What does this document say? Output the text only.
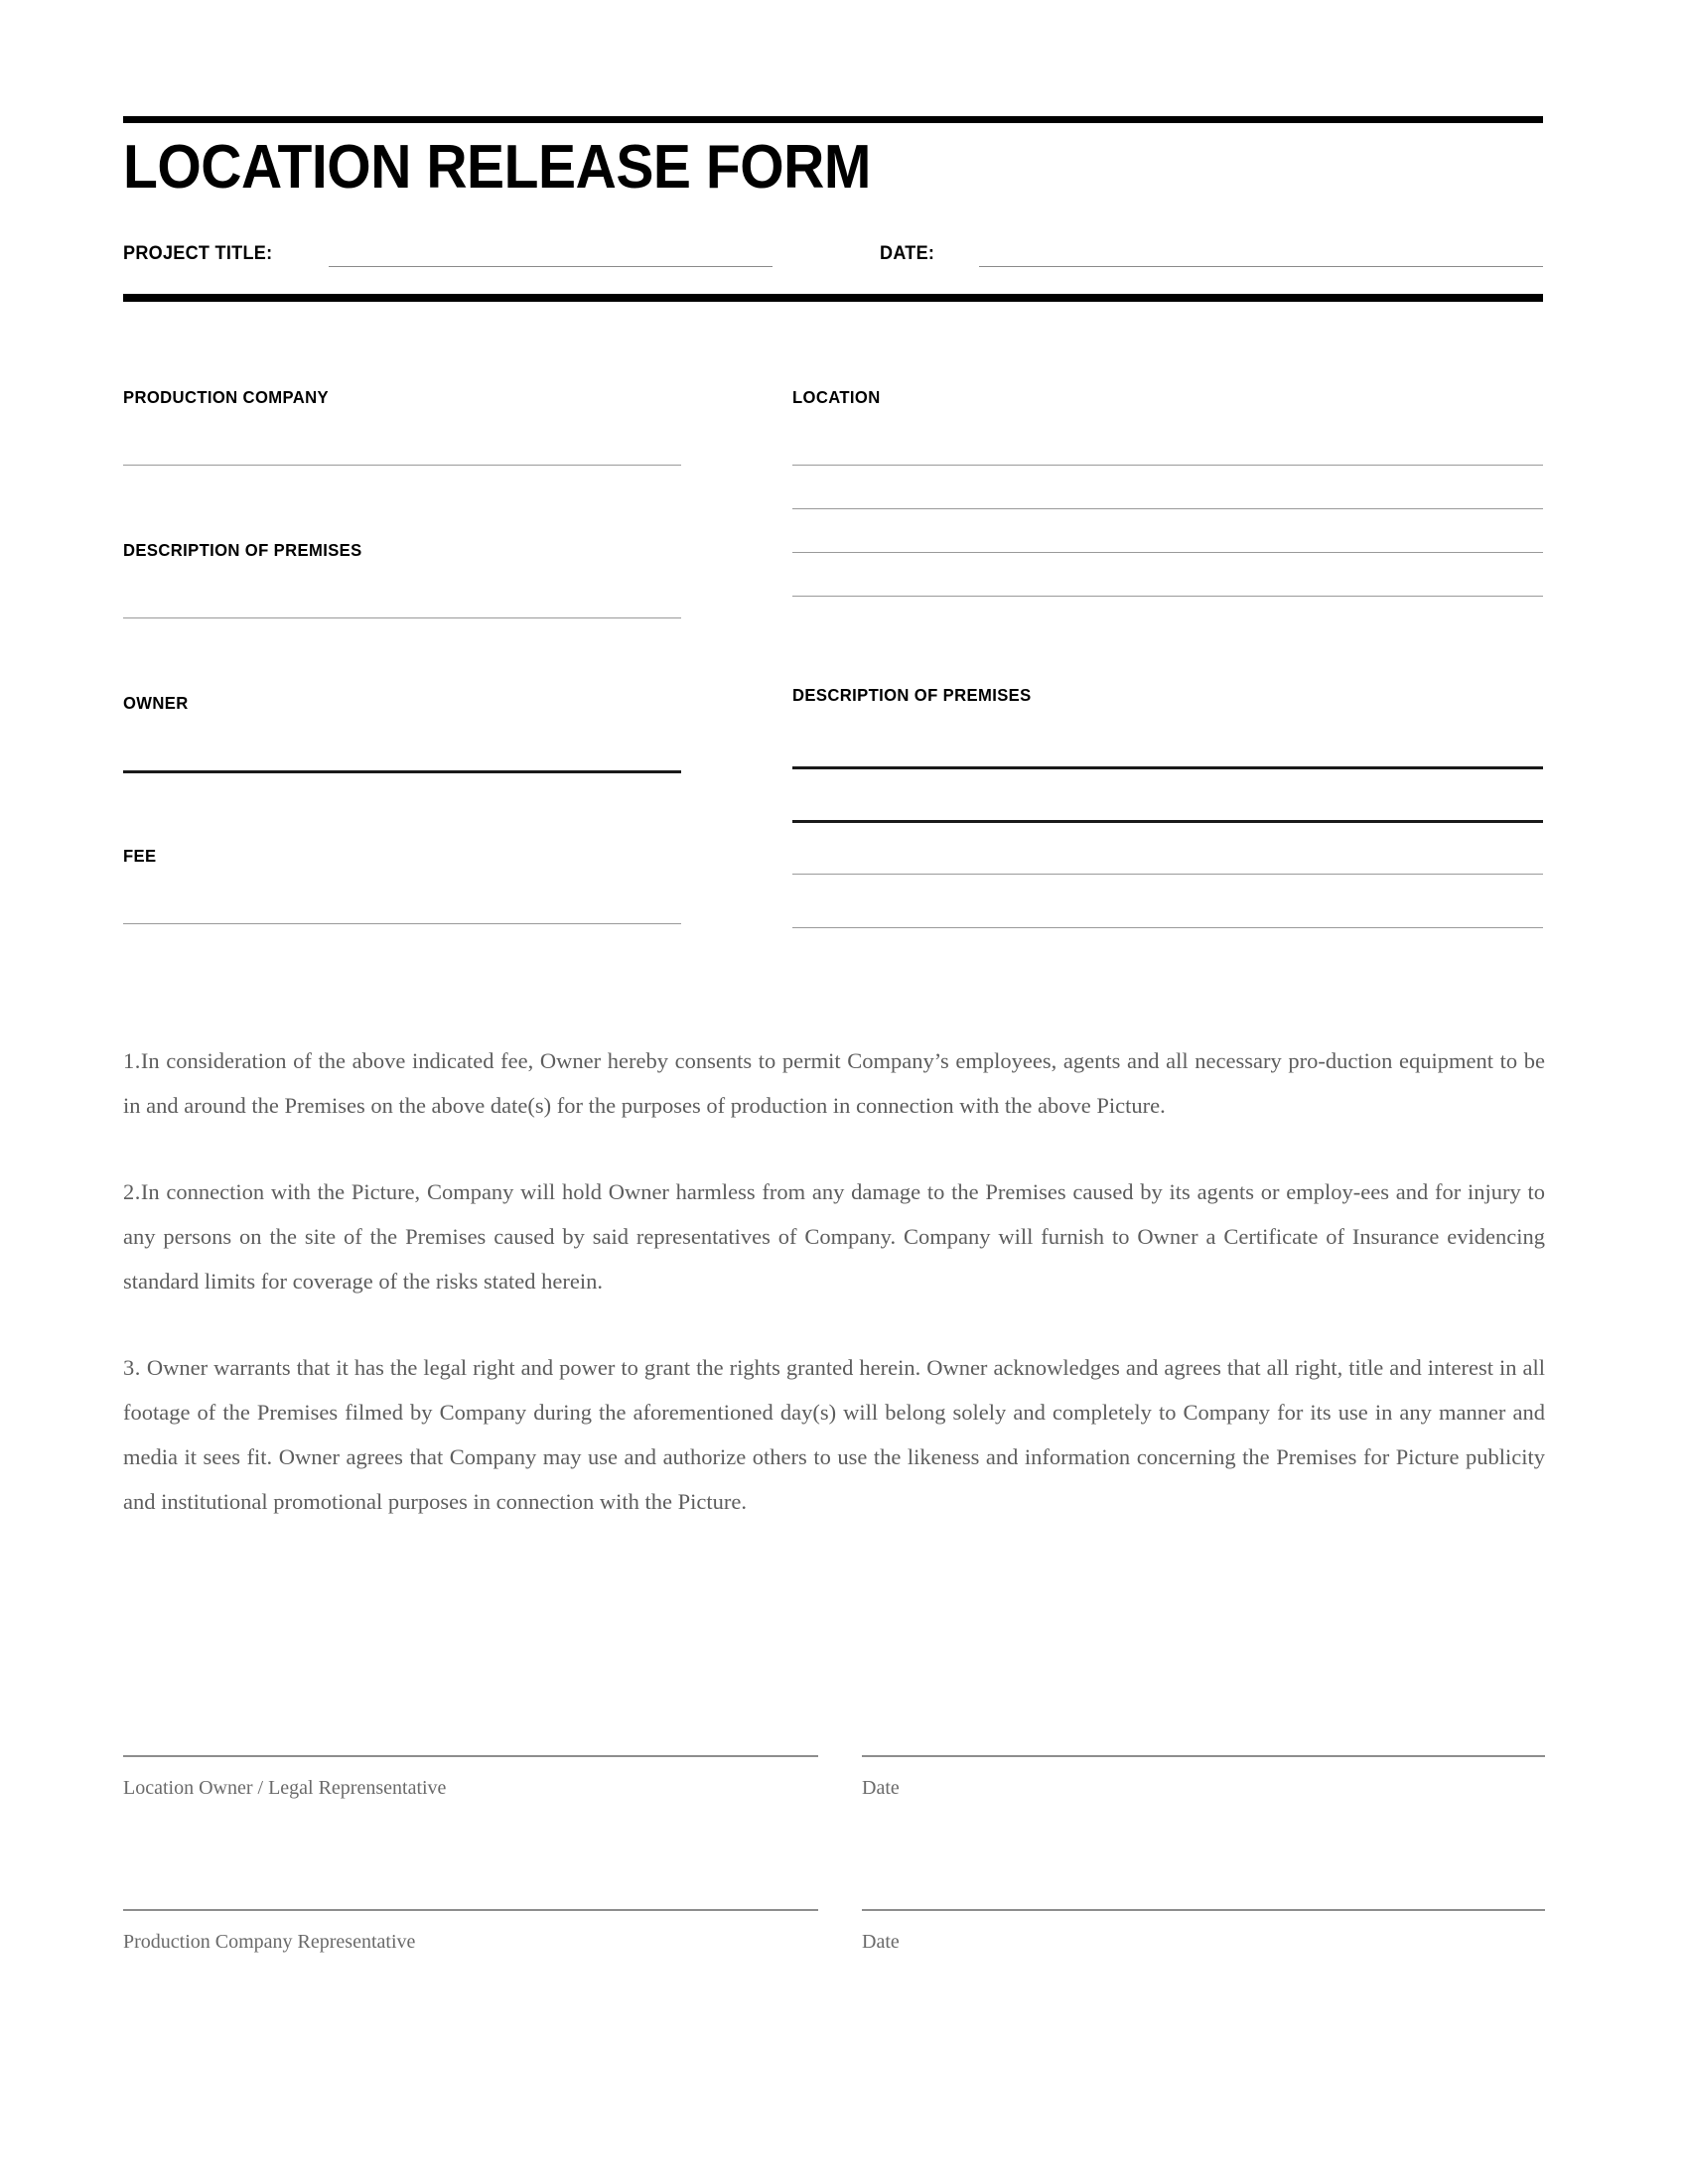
LOCATION RELEASE FORM
PROJECT TITLE:	DATE:
PRODUCTION COMPANY
DESCRIPTION OF PREMISES
OWNER
FEE
LOCATION
DESCRIPTION OF PREMISES

1.In consideration of the above indicated fee, Owner hereby consents to permit Company’s employees, agents and all necessary pro-duction equipment to be in and around the Premises on the above date(s) for the purposes of production in connection with the above Picture.

2.In connection with the Picture, Company will hold Owner harmless from any damage to the Premises caused by its agents or employ-ees and for injury to any persons on the site of the Premises caused by said representatives of Company. Company will furnish to Owner a Certificate of Insurance evidencing standard limits for coverage of the risks stated herein.

3. Owner warrants that it has the legal right and power to grant the rights granted herein. Owner acknowledges and agrees that all right, title and interest in all footage of the Premises filmed by Company during the aforementioned day(s) will belong solely and completely to Company for its use in any manner and media it sees fit. Owner agrees that Company may use and authorize others to use the likeness and information concerning the Premises for Picture publicity and institutional promotional purposes in connection with the Picture.

Location Owner / Legal Reprensentative	Date
Production Company Representative	Date
